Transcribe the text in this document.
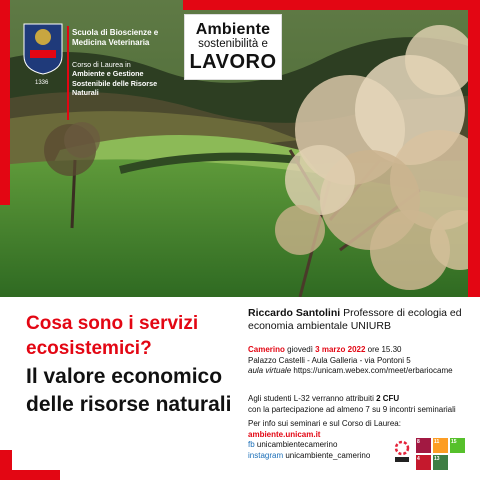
1336
Scuola di Bioscienze e Medicina Veterinaria
Corso di Laurea in
Ambiente e Gestione Sostenibile delle Risorse Naturali
Ambiente
sostenibilità e
LAVORO
Cosa sono i servizi ecosistemici?
Il valore economico delle risorse naturali
Riccardo Santolini Professore di ecologia ed economia ambientale UNIURB
Camerino giovedì 3 marzo 2022 ore 15.30
Palazzo Castelli - Aula Galleria - via Pontoni 5
aula virtuale https://unicam.webex.com/meet/erbariocame
Agli studenti L-32 verranno attribuiti 2 CFU
con la partecipazione ad almeno 7 su 9 incontri seminariali
Per info sui seminari e sul Corso di Laurea:
ambiente.unicam.it
fb unicambientecamerino
instagram unicambiente_camerino
8	11	15
4	13
